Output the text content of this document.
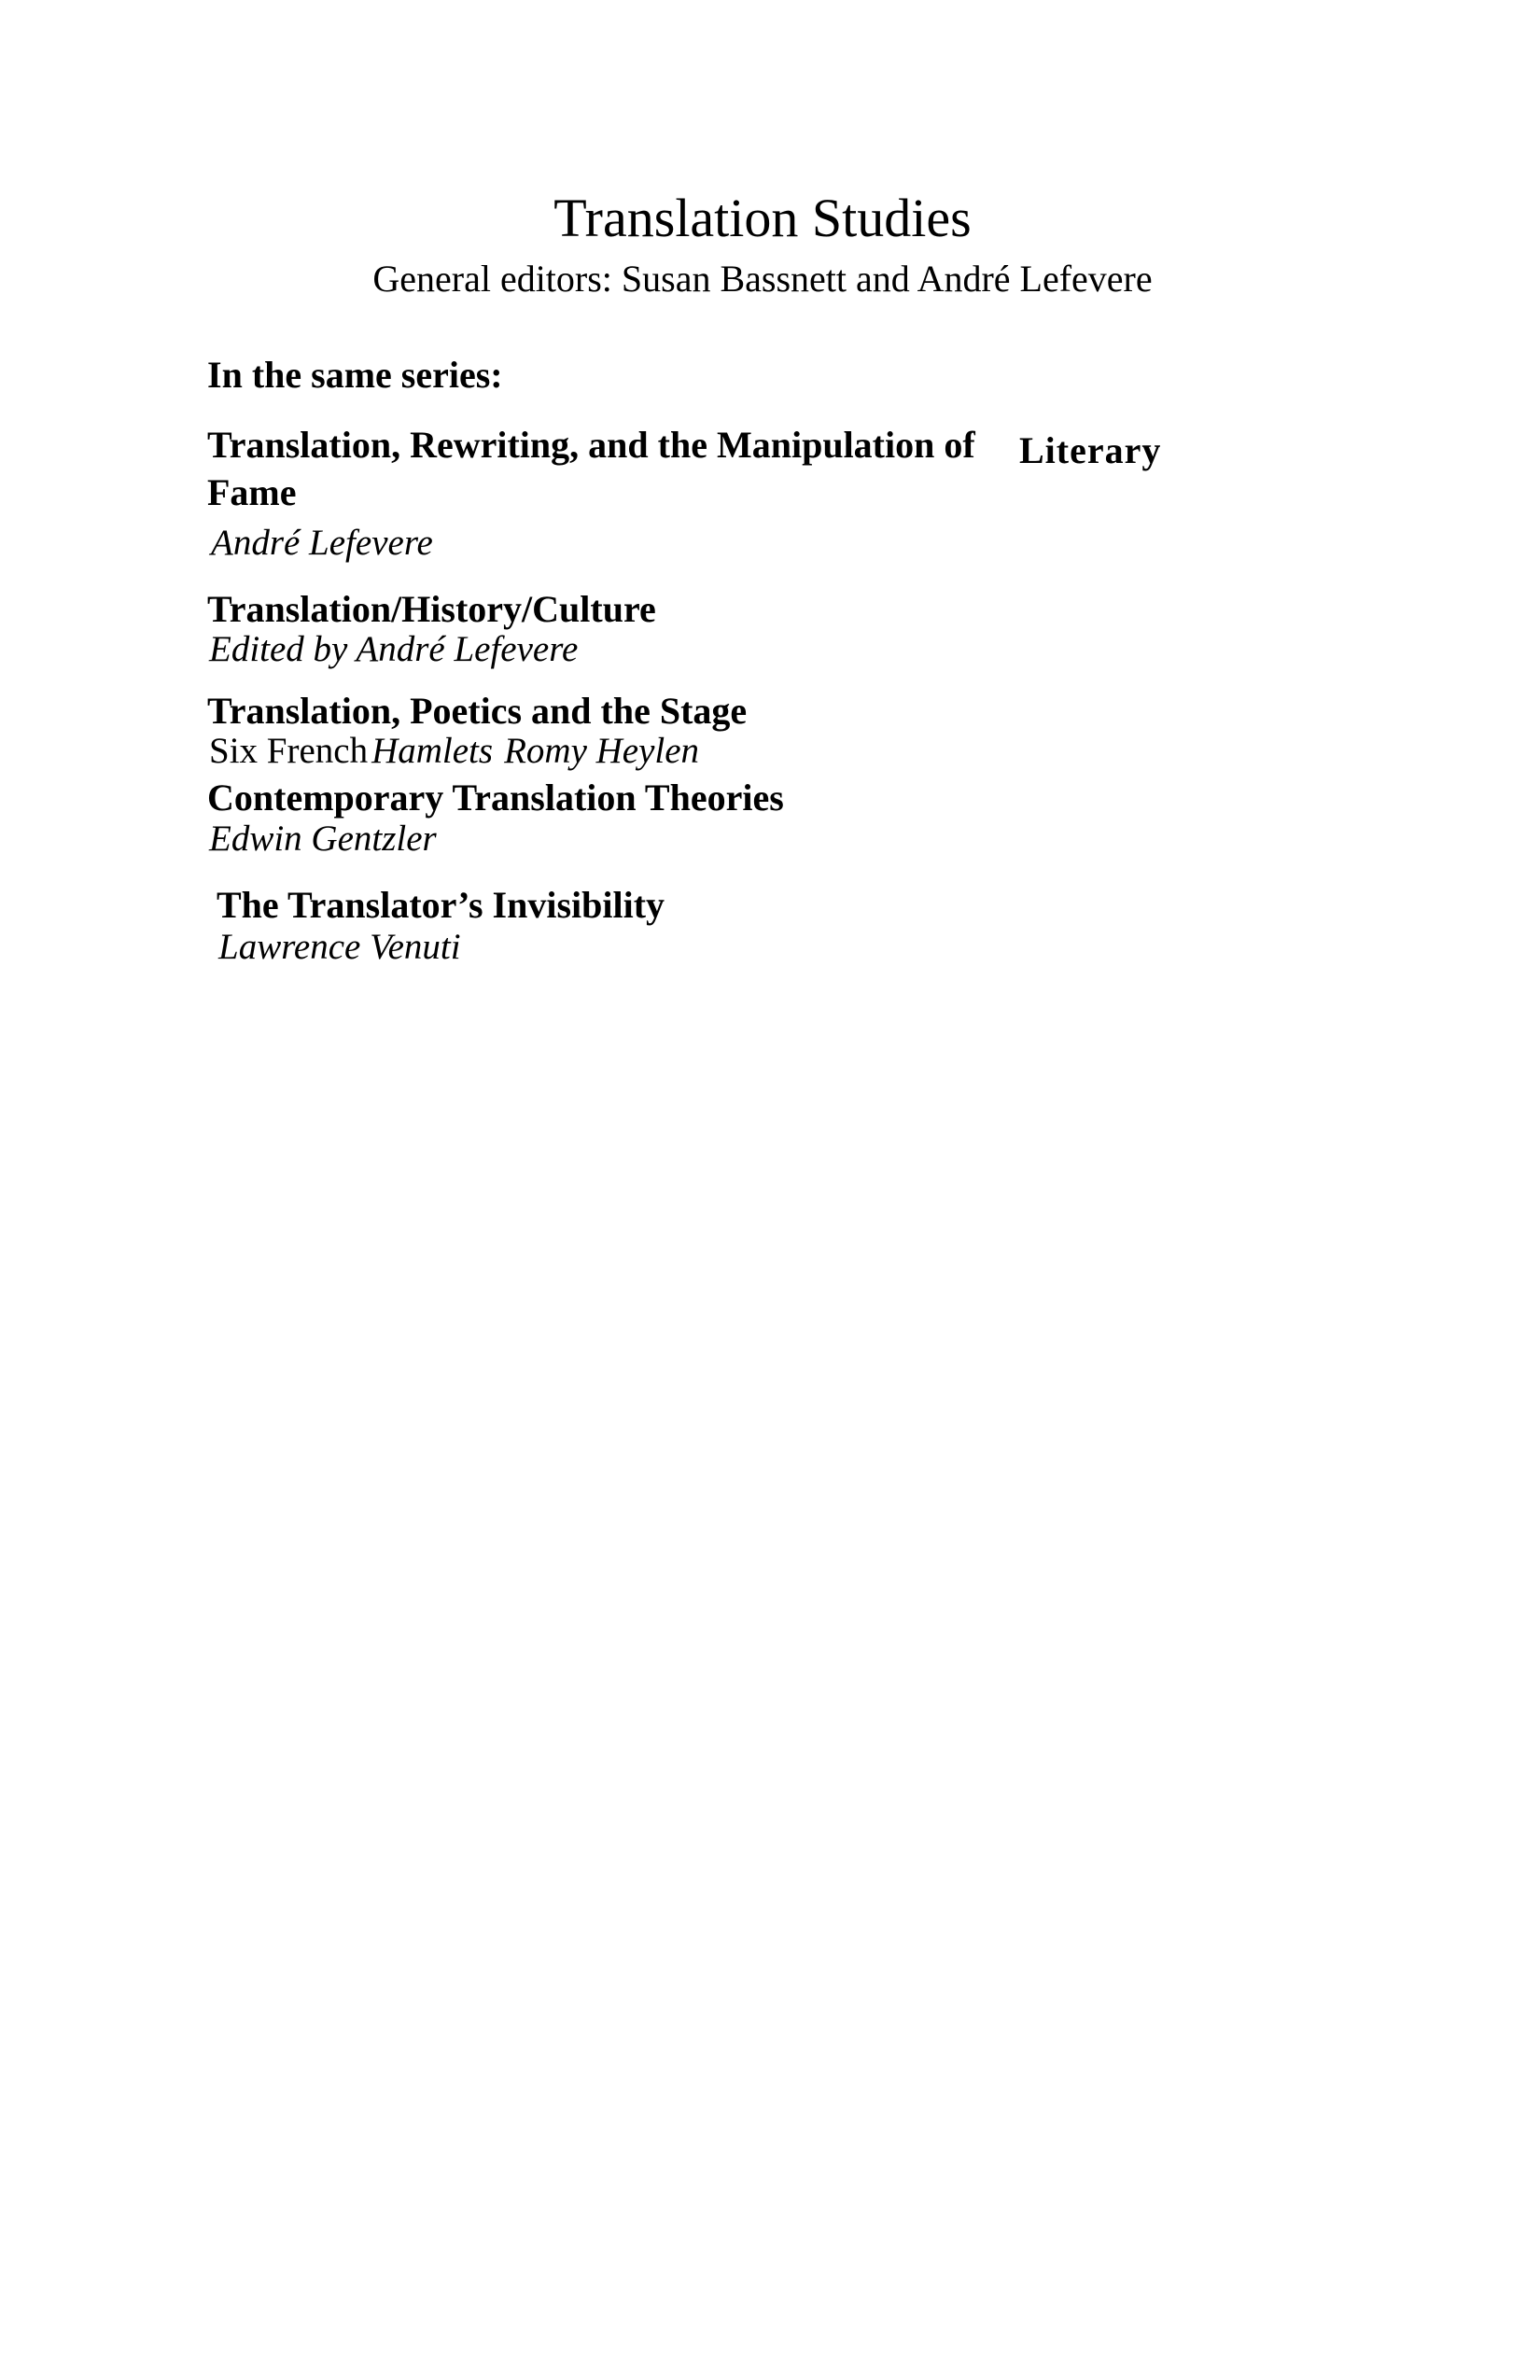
Translation Studies
General editors: Susan Bassnett and André Lefevere
In the same series:
Translation, Rewriting, and the Manipulation of Literary
Fame
André Lefevere
Translation/History/Culture
Edited by André Lefevere
Translation, Poetics and the Stage
Six French Hamlets Romy Heylen
Contemporary Translation Theories
Edwin Gentzler
The Translator’s Invisibility
Lawrence Venuti
